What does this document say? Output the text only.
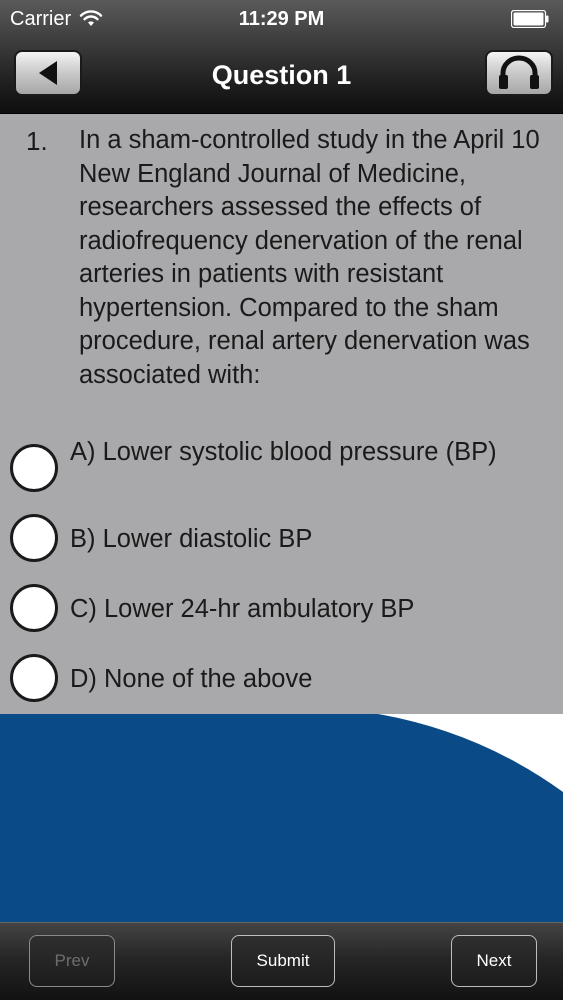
Carrier	11:29 PM
Question 1
1. In a sham-controlled study in the April 10 New England Journal of Medicine, researchers assessed the effects of radiofrequency denervation of the renal arteries in patients with resistant hypertension. Compared to the sham procedure, renal artery denervation was associated with:
A) Lower systolic blood pressure (BP)
B) Lower diastolic BP
C) Lower 24-hr ambulatory BP
D) None of the above
Prev	Submit	Next
